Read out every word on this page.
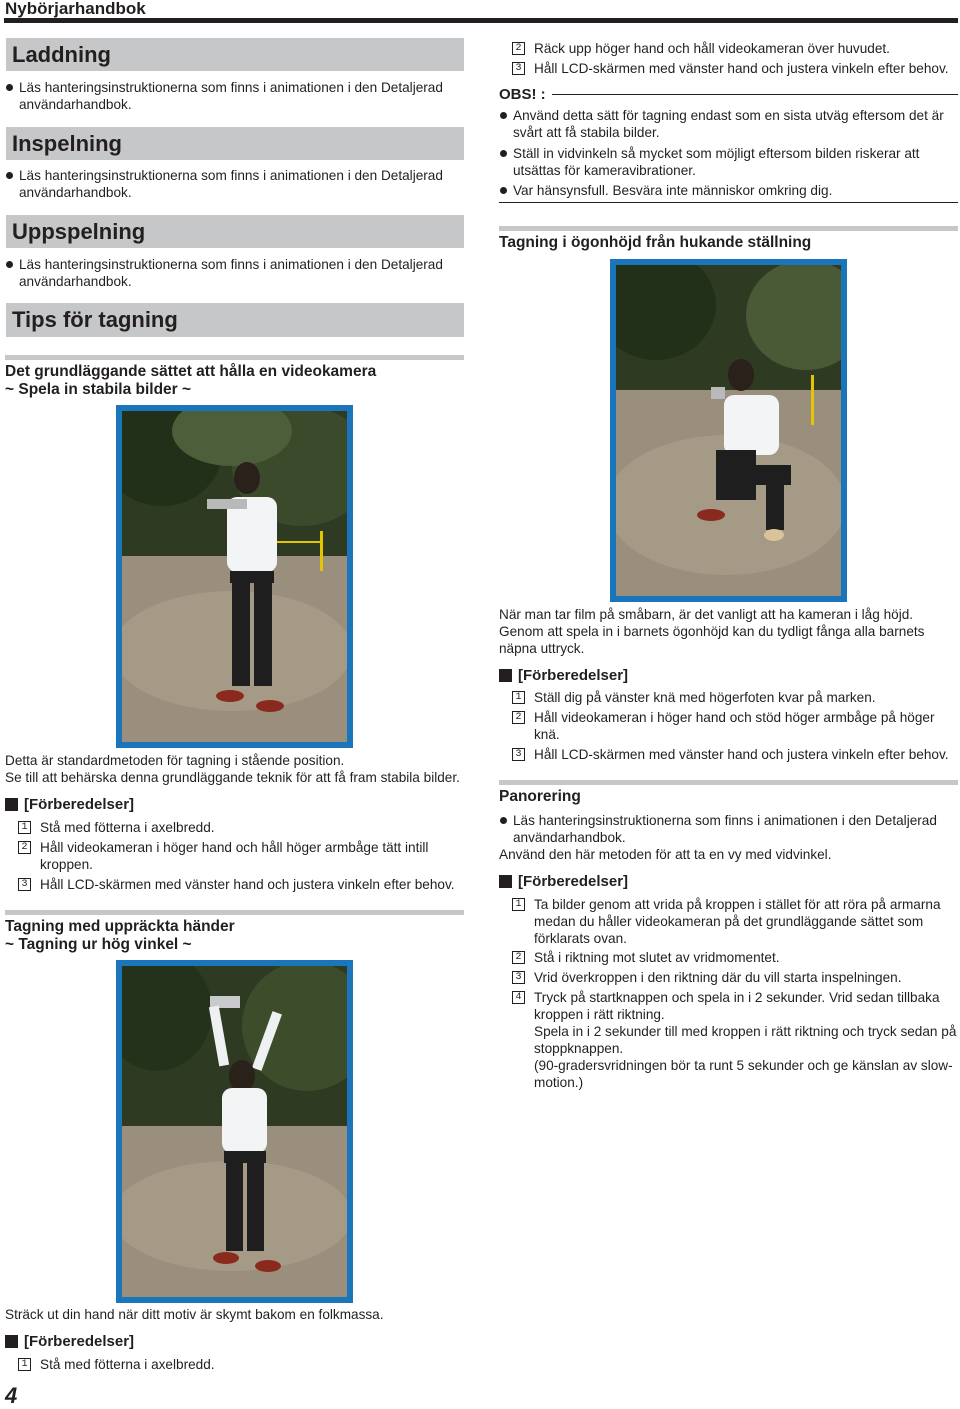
Nybörjarhandbok
Laddning
Läs hanteringsinstruktionerna som finns i animationen i den Detaljerad användarhandbok.
Inspelning
Läs hanteringsinstruktionerna som finns i animationen i den Detaljerad användarhandbok.
Uppspelning
Läs hanteringsinstruktionerna som finns i animationen i den Detaljerad användarhandbok.
Tips för tagning
Det grundläggande sättet att hålla en videokamera
~ Spela in stabila bilder ~
Detta är standardmetoden för tagning i stående position.
Se till att behärska denna grundläggande teknik för att få fram stabila bilder.
[Förberedelser]
1 Stå med fötterna i axelbredd.
2 Håll videokameran i höger hand och håll höger armbåge tätt intill kroppen.
3 Håll LCD-skärmen med vänster hand och justera vinkeln efter behov.
Tagning med uppräckta händer
~ Tagning ur hög vinkel ~
Sträck ut din hand när ditt motiv är skymt bakom en folkmassa.
[Förberedelser]
1 Stå med fötterna i axelbredd.
4
2 Räck upp höger hand och håll videokameran över huvudet.
3 Håll LCD-skärmen med vänster hand och justera vinkeln efter behov.
OBS! :
Använd detta sätt för tagning endast som en sista utväg eftersom det är svårt att få stabila bilder.
Ställ in vidvinkeln så mycket som möjligt eftersom bilden riskerar att utsättas för kameravibrationer.
Var hänsynsfull. Besvära inte människor omkring dig.
Tagning i ögonhöjd från hukande ställning
När man tar film på småbarn, är det vanligt att ha kameran i låg höjd.
Genom att spela in i barnets ögonhöjd kan du tydligt fånga alla barnets näpna uttryck.
[Förberedelser]
1 Ställ dig på vänster knä med högerfoten kvar på marken.
2 Håll videokameran i höger hand och stöd höger armbåge på höger knä.
3 Håll LCD-skärmen med vänster hand och justera vinkeln efter behov.
Panorering
Läs hanteringsinstruktionerna som finns i animationen i den Detaljerad användarhandbok.
Använd den här metoden för att ta en vy med vidvinkel.
[Förberedelser]
1 Ta bilder genom att vrida på kroppen i stället för att röra på armarna medan du håller videokameran på det grundläggande sättet som förklarats ovan.
2 Stå i riktning mot slutet av vridmomentet.
3 Vrid överkroppen i den riktning där du vill starta inspelningen.
4 Tryck på startknappen och spela in i 2 sekunder. Vrid sedan tillbaka kroppen i rätt riktning.
Spela in i 2 sekunder till med kroppen i rätt riktning och tryck sedan på stoppknappen.
(90-gradersvridningen bör ta runt 5 sekunder och ge känslan av slow-motion.)
